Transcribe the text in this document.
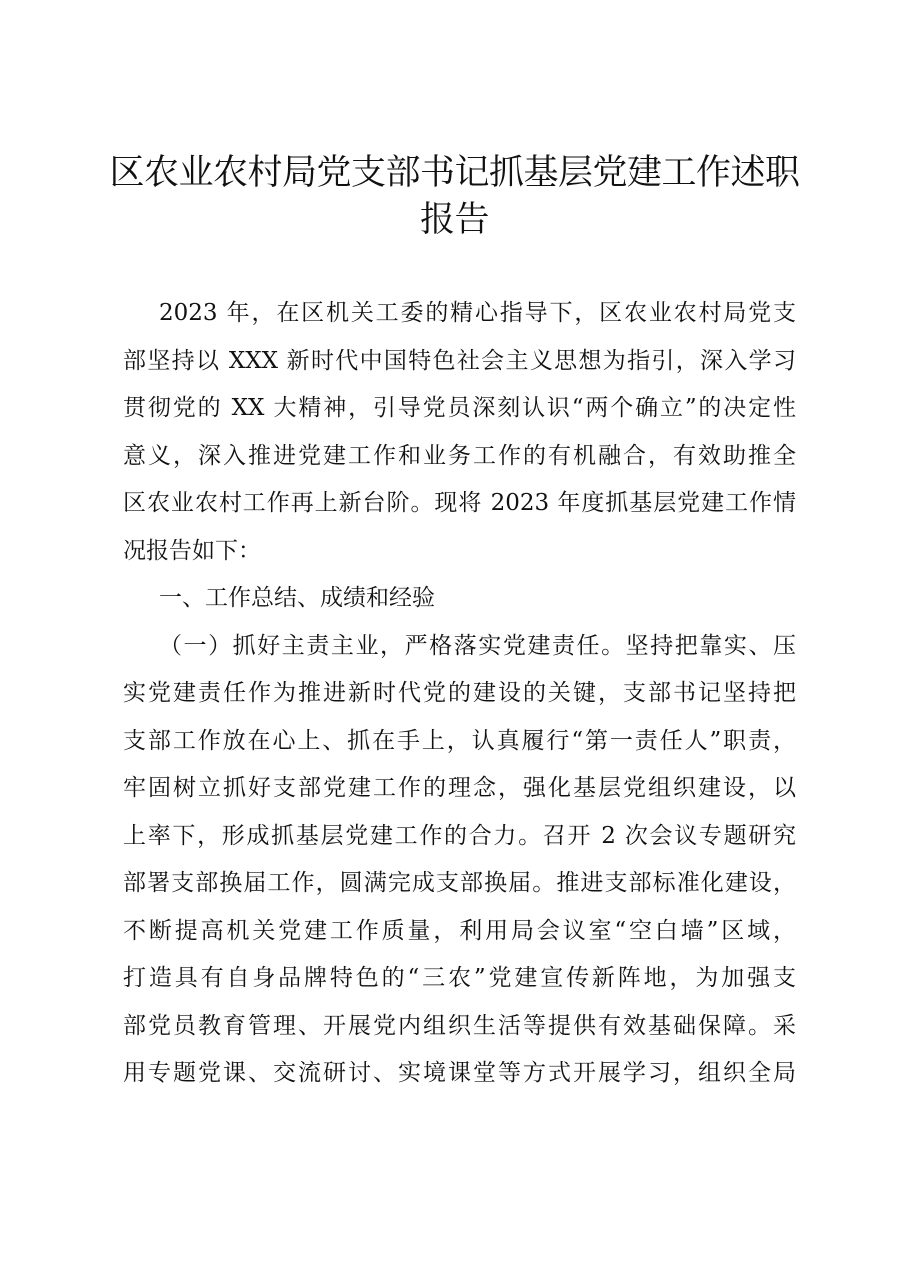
区农业农村局党支部书记抓基层党建工作述职
报告
2023 年，在区机关工委的精心指导下，区农业农村局党支
部坚持以 XXX 新时代中国特色社会主义思想为指引，深入学习
贯彻党的 XX 大精神，引导党员深刻认识“两个确立”的决定性
意义，深入推进党建工作和业务工作的有机融合，有效助推全
区农业农村工作再上新台阶。现将 2023 年度抓基层党建工作情
况报告如下：
一、工作总结、成绩和经验
（一）抓好主责主业，严格落实党建责任。坚持把靠实、压
实党建责任作为推进新时代党的建设的关键，支部书记坚持把
支部工作放在心上、抓在手上，认真履行“第一责任人”职责，
牢固树立抓好支部党建工作的理念，强化基层党组织建设，以
上率下，形成抓基层党建工作的合力。召开 2 次会议专题研究
部署支部换届工作，圆满完成支部换届。推进支部标准化建设，
不断提高机关党建工作质量，利用局会议室“空白墙”区域，
打造具有自身品牌特色的“三农”党建宣传新阵地，为加强支
部党员教育管理、开展党内组织生活等提供有效基础保障。采
用专题党课、交流研讨、实境课堂等方式开展学习，组织全局
